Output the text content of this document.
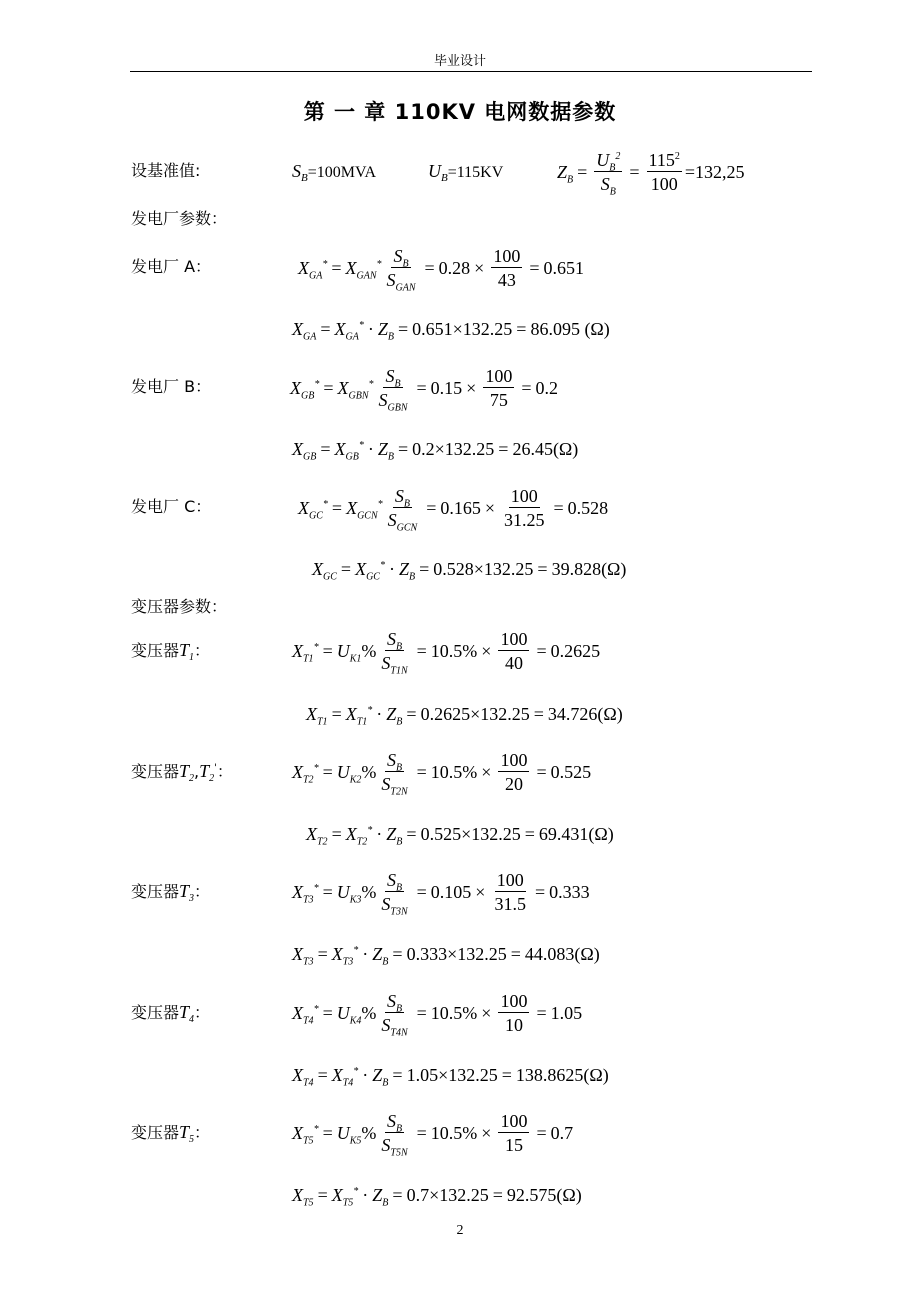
毕业设计
第 一 章 110KV 电网数据参数
设基准值:	$S_B=100MVA$	$U_B=115KV$	$Z_B = \frac{U_B^2}{S_B} = \frac{115^2}{100} =132,25$
发电厂参数：
发电厂 A：	$X_{GA}^* = X_{GAN}^* \frac{S_B}{S_{GAN}} = 0.28 \times \frac{100}{43} = 0.651$
$X_{GA} = X_{GA}^* \cdot Z_B = 0.651\times 132.25 = 86.095$ (Ω)
发电厂 B：	$X_{GB}^* = X_{GBN}^* \frac{S_B}{S_{GBN}} = 0.15 \times \frac{100}{75} = 0.2$
$X_{GB} = X_{GB}^* \cdot Z_B = 0.2\times 132.25 = 26.45$ (Ω)
发电厂 C：	$X_{GC}^* = X_{GCN}^* \frac{S_B}{S_{GCN}} = 0.165 \times \frac{100}{31.25} = 0.528$
$X_{GC} = X_{GC}^* \cdot Z_B = 0.528\times 132.25 = 39.828$ (Ω)
变压器参数：
变压器$T_1$：	$X_{T1}^* = U_{K1}$ % $\frac{S_B}{S_{T1N}} = 10.5\% \times \frac{100}{40} = 0.2625$
$X_{T1} = X_{T1}^* \cdot Z_B = 0.2625\times 132.25 = 34.726$ (Ω)
变压器$T_2,T_2'$：	$X_{T2}^* = U_{K2}$ % $\frac{S_B}{S_{T2N}} = 10.5\% \times \frac{100}{20} = 0.525$
$X_{T2} = X_{T2}^* \cdot Z_B = 0.525\times 132.25 = 69.431$ (Ω)
变压器$T_3$：	$X_{T3}^* = U_{K3}$ % $\frac{S_B}{S_{T3N}} = 0.105 \times \frac{100}{31.5} = 0.333$
$X_{T3} = X_{T3}^* \cdot Z_B = 0.333\times 132.25 = 44.083$ (Ω)
变压器$T_4$：	$X_{T4}^* = U_{K4}$ % $\frac{S_B}{S_{T4N}} = 10.5\% \times \frac{100}{10} = 1.05$
$X_{T4} = X_{T4}^* \cdot Z_B = 1.05\times 132.25 = 138.8625$ (Ω)
变压器$T_5$：	$X_{T5}^* = U_{K5}$ % $\frac{S_B}{S_{T5N}} = 10.5\% \times \frac{100}{15} = 0.7$
$X_{T5} = X_{T5}^* \cdot Z_B = 0.7\times 132.25 = 92.575$ (Ω)
2
